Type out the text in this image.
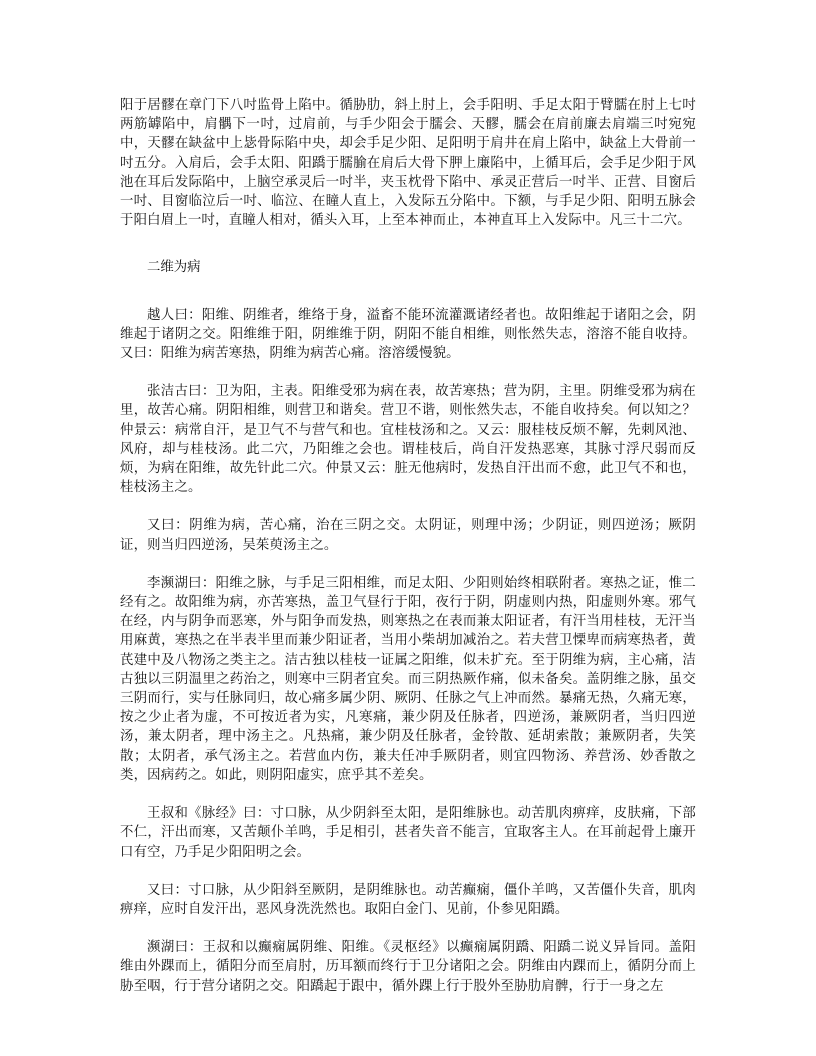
阳于居髎在章门下八吋监骨上陷中。循胁肋，斜上肘上，会手阳明、手足太阳于臂臑在肘上七吋两筋罅陷中，肩髃下一吋，过肩前，与手少阳会于臑会、天髎，臑会在肩前廉去肩端三吋宛宛中，天髎在缺盆中上毖骨际陷中央，却会手足少阳、足阳明于肩井在肩上陷中，缺盆上大骨前一吋五分。入肩后，会手太阳、阳蹻于臑腧在肩后大骨下胛上廉陷中，上循耳后，会手足少阳于风池在耳后发际陷中，上脑空承灵后一吋半，夹玉枕骨下陷中、承灵正营后一吋半、正营、目窗后一吋、目窗临泣后一吋、临泣、在瞳人直上，入发际五分陷中。下额，与手足少阳、阳明五脉会于阳白眉上一吋，直瞳人相对，循头入耳，上至本神而止，本神直耳上入发际中。凡三十二穴。

二维为病

越人曰：阳维、阴维者，维络于身，溢畜不能环流灌溉诸经者也。故阳维起于诸阳之会，阴维起于诸阴之交。阳维维于阳，阴维维于阴，阴阳不能自相维，则怅然失志，溶溶不能自收持。又曰：阳维为病苦寒热，阴维为病苦心痛。溶溶缓慢貌。

张洁古曰：卫为阳，主表。阳维受邪为病在表，故苦寒热；营为阴，主里。阴维受邪为病在里，故苦心痛。阴阳相维，则营卫和谐矣。营卫不谐，则怅然失志，不能自收持矣。何以知之？仲景云：病常自汗，是卫气不与营气和也。宜桂枝汤和之。又云：服桂枝反烦不解，先刺风池、风府，却与桂枝汤。此二穴，乃阳维之会也。谓桂枝后，尚自汗发热恶寒，其脉寸浮尺弱而反烦，为病在阳维，故先针此二穴。仲景又云：脏无他病时，发热自汗出而不愈，此卫气不和也，桂枝汤主之。

又曰：阴维为病，苦心痛，治在三阴之交。太阴证，则理中汤；少阴证，则四逆汤；厥阴证，则当归四逆汤，吴茱萸汤主之。

李濒湖曰：阳维之脉，与手足三阳相维，而足太阳、少阳则始终相联附者。寒热之证，惟二经有之。故阳维为病，亦苦寒热，盖卫气昼行于阳，夜行于阴，阴虚则内热，阳虚则外寒。邪气在经，内与阴争而恶寒，外与阳争而发热，则寒热之在表而兼太阳证者，有汗当用桂枝，无汗当用麻黄，寒热之在半表半里而兼少阳证者，当用小柴胡加减治之。若夫营卫慄卑而病寒热者，黄芪建中及八物汤之类主之。洁古独以桂枝一证属之阳维，似未扩充。至于阴维为病，主心痛，洁古独以三阴温里之药治之，则寒中三阴者宜矣。而三阴热厥作痛，似未备矣。盖阴维之脉，虽交三阴而行，实与任脉同归，故心痛多属少阴、厥阴、任脉之气上冲而然。暴痛无热，久痛无寒，按之少止者为虚，不可按近者为实，凡寒痛，兼少阴及任脉者，四逆汤，兼厥阴者，当归四逆汤，兼太阴者，理中汤主之。凡热痛，兼少阴及任脉者，金铃散、延胡索散；兼厥阴者，失笑散；太阴者，承气汤主之。若营血内伤，兼夫任冲手厥阴者，则宜四物汤、养营汤、妙香散之类，因病药之。如此，则阴阳虚实，庶乎其不差矣。

王叔和《脉经》曰：寸口脉，从少阴斜至太阳，是阳维脉也。动苦肌肉痹痒，皮肤痛，下部不仁，汗出而寒，又苦颠仆羊鸣，手足相引，甚者失音不能言，宜取客主人。在耳前起骨上廉开口有空，乃手足少阳阳明之会。

又曰：寸口脉，从少阳斜至厥阴，是阴维脉也。动苦癫痫，僵仆羊鸣，又苦僵仆失音，肌肉痹痒，应时自发汗出，恶风身洗洗然也。取阳白金门、见前，仆参见阳蹻。

濒湖曰：王叔和以癫痫属阴维、阳维。《灵枢经》以癫痫属阴蹻、阳蹻二说义异旨同。盖阳维由外踝而上，循阳分而至肩肘，历耳额而终行于卫分诸阳之会。阴维由内踝而上，循阴分而上胁至咽，行于营分诸阴之交。阳蹻起于跟中，循外踝上行于股外至胁肋肩髀，行于一身之左
